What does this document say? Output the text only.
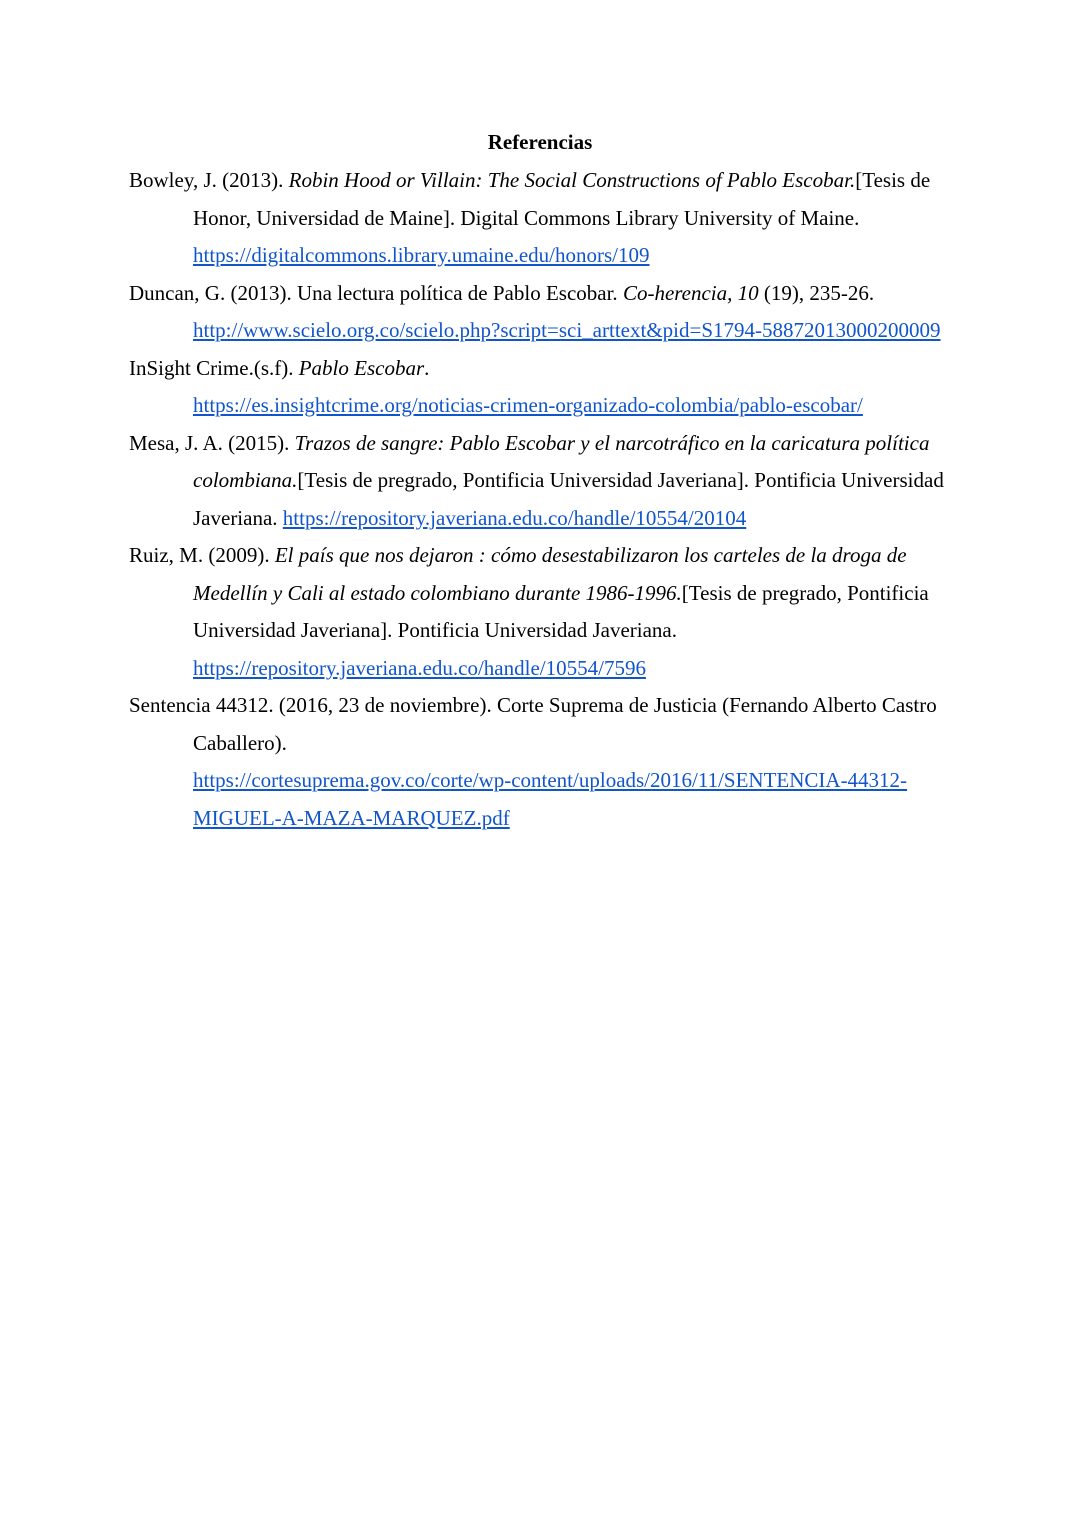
Referencias

Bowley, J. (2013). Robin Hood or Villain: The Social Constructions of Pablo Escobar.[Tesis de Honor, Universidad de Maine]. Digital Commons Library University of Maine.
https://digitalcommons.library.umaine.edu/honors/109

Duncan, G. (2013). Una lectura política de Pablo Escobar. Co-herencia, 10 (19), 235-26.
http://www.scielo.org.co/scielo.php?script=sci_arttext&pid=S1794-58872013000200009

InSight Crime.(s.f). Pablo Escobar.
https://es.insightcrime.org/noticias-crimen-organizado-colombia/pablo-escobar/

Mesa, J. A. (2015). Trazos de sangre: Pablo Escobar y el narcotráfico en la caricatura política colombiana.[Tesis de pregrado, Pontificia Universidad Javeriana]. Pontificia Universidad Javeriana. https://repository.javeriana.edu.co/handle/10554/20104

Ruiz, M. (2009). El país que nos dejaron : cómo desestabilizaron los carteles de la droga de Medellín y Cali al estado colombiano durante 1986-1996.[Tesis de pregrado, Pontificia Universidad Javeriana]. Pontificia Universidad Javeriana.
https://repository.javeriana.edu.co/handle/10554/7596

Sentencia 44312. (2016, 23 de noviembre). Corte Suprema de Justicia (Fernando Alberto Castro Caballero).
https://cortesuprema.gov.co/corte/wp-content/uploads/2016/11/SENTENCIA-44312-
MIGUEL-A-MAZA-MARQUEZ.pdf
